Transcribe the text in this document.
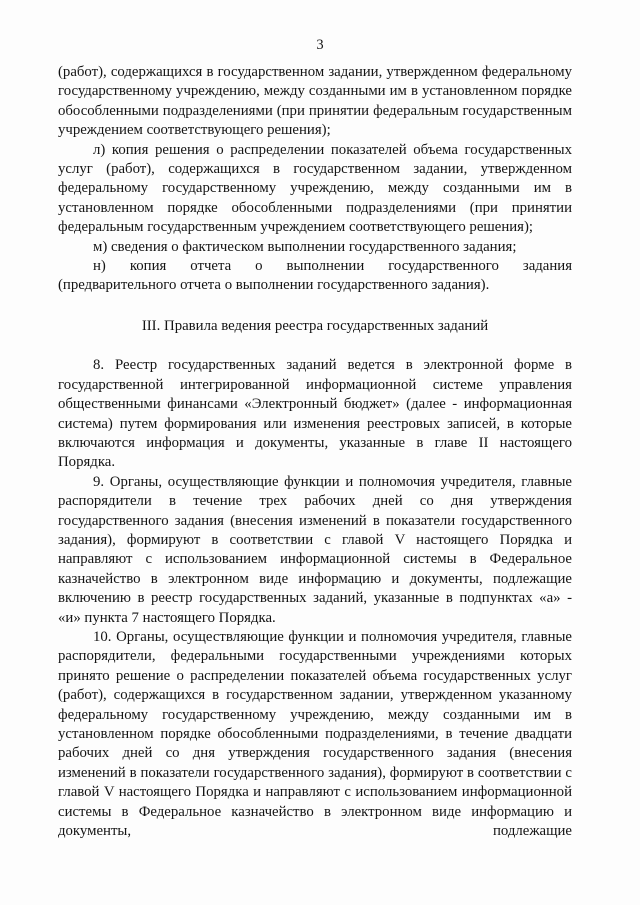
3

(работ), содержащихся в государственном задании, утвержденном федеральному государственному учреждению, между созданными им в установленном порядке обособленными подразделениями (при принятии федеральным государственным учреждением соответствующего решения);

л) копия решения о распределении показателей объема государственных услуг (работ), содержащихся в государственном задании, утвержденном федеральному государственному учреждению, между созданными им в установленном порядке обособленными подразделениями (при принятии федеральным государственным учреждением соответствующего решения);

м) сведения о фактическом выполнении государственного задания;

н) копия отчета о выполнении государственного задания (предварительного отчета о выполнении государственного задания).

III. Правила ведения реестра государственных заданий

8. Реестр государственных заданий ведется в электронной форме в государственной интегрированной информационной системе управления общественными финансами «Электронный бюджет» (далее - информационная система) путем формирования или изменения реестровых записей, в которые включаются информация и документы, указанные в главе II настоящего Порядка.

9. Органы, осуществляющие функции и полномочия учредителя, главные распорядители в течение трех рабочих дней со дня утверждения государственного задания (внесения изменений в показатели государственного задания), формируют в соответствии с главой V настоящего Порядка и направляют с использованием информационной системы в Федеральное казначейство в электронном виде информацию и документы, подлежащие включению в реестр государственных заданий, указанные в подпунктах «а» - «и» пункта 7 настоящего Порядка.

10. Органы, осуществляющие функции и полномочия учредителя, главные распорядители, федеральными государственными учреждениями которых принято решение о распределении показателей объема государственных услуг (работ), содержащихся в государственном задании, утвержденном указанному федеральному государственному учреждению, между созданными им в установленном порядке обособленными подразделениями, в течение двадцати рабочих дней со дня утверждения государственного задания (внесения изменений в показатели государственного задания), формируют в соответствии с главой V настоящего Порядка и направляют с использованием информационной системы в Федеральное казначейство в электронном виде информацию и документы, подлежащие
